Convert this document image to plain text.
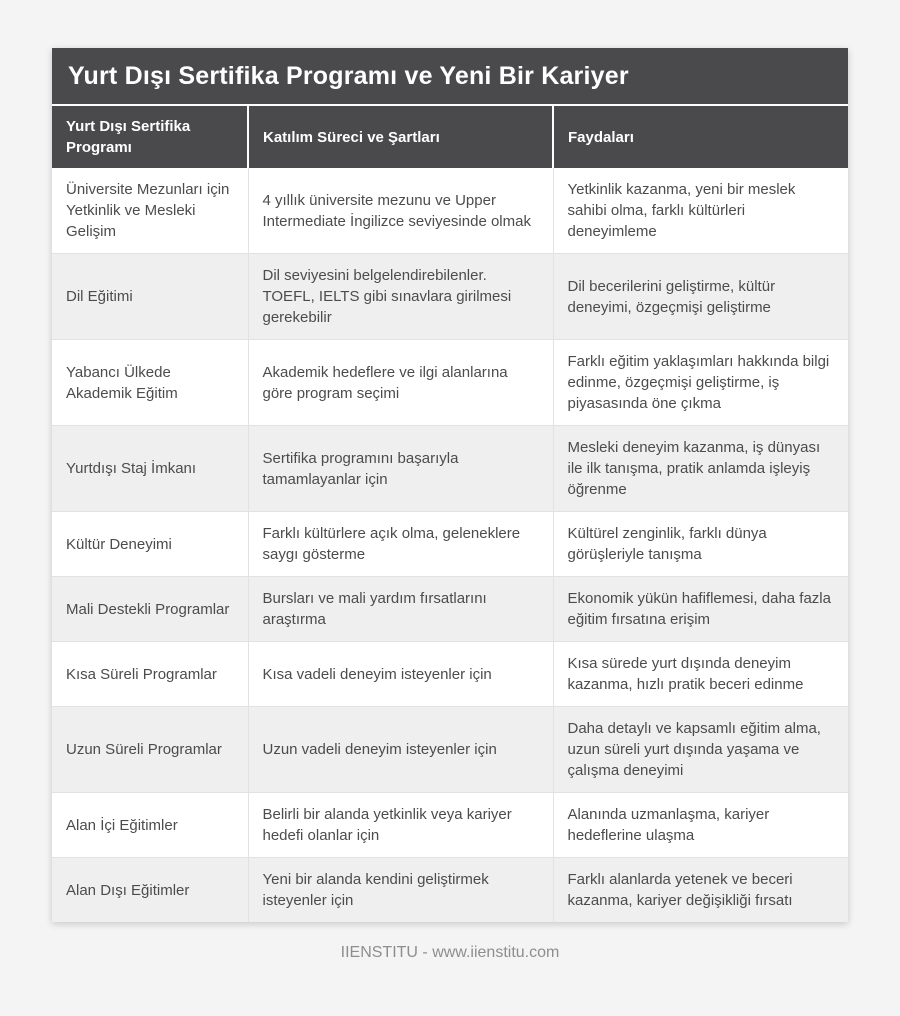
Yurt Dışı Sertifika Programı ve Yeni Bir Kariyer
Yurt Dışı Sertifika Programı	Katılım Süreci ve Şartları	Faydaları
Üniversite Mezunları için Yetkinlik ve Mesleki Gelişim	4 yıllık üniversite mezunu ve Upper Intermediate İngilizce seviyesinde olmak	Yetkinlik kazanma, yeni bir meslek sahibi olma, farklı kültürleri deneyimleme
Dil Eğitimi	Dil seviyesini belgelendirebilenler. TOEFL, IELTS gibi sınavlara girilmesi gerekebilir	Dil becerilerini geliştirme, kültür deneyimi, özgeçmişi geliştirme
Yabancı Ülkede Akademik Eğitim	Akademik hedeflere ve ilgi alanlarına göre program seçimi	Farklı eğitim yaklaşımları hakkında bilgi edinme, özgeçmişi geliştirme, iş piyasasında öne çıkma
Yurtdışı Staj İmkanı	Sertifika programını başarıyla tamamlayanlar için	Mesleki deneyim kazanma, iş dünyası ile ilk tanışma, pratik anlamda işleyiş öğrenme
Kültür Deneyimi	Farklı kültürlere açık olma, geleneklere saygı gösterme	Kültürel zenginlik, farklı dünya görüşleriyle tanışma
Mali Destekli Programlar	Bursları ve mali yardım fırsatlarını araştırma	Ekonomik yükün hafiflemesi, daha fazla eğitim fırsatına erişim
Kısa Süreli Programlar	Kısa vadeli deneyim isteyenler için	Kısa sürede yurt dışında deneyim kazanma, hızlı pratik beceri edinme
Uzun Süreli Programlar	Uzun vadeli deneyim isteyenler için	Daha detaylı ve kapsamlı eğitim alma, uzun süreli yurt dışında yaşama ve çalışma deneyimi
Alan İçi Eğitimler	Belirli bir alanda yetkinlik veya kariyer hedefi olanlar için	Alanında uzmanlaşma, kariyer hedeflerine ulaşma
Alan Dışı Eğitimler	Yeni bir alanda kendini geliştirmek isteyenler için	Farklı alanlarda yetenek ve beceri kazanma, kariyer değişikliği fırsatı
IIENSTITU - www.iienstitu.com
